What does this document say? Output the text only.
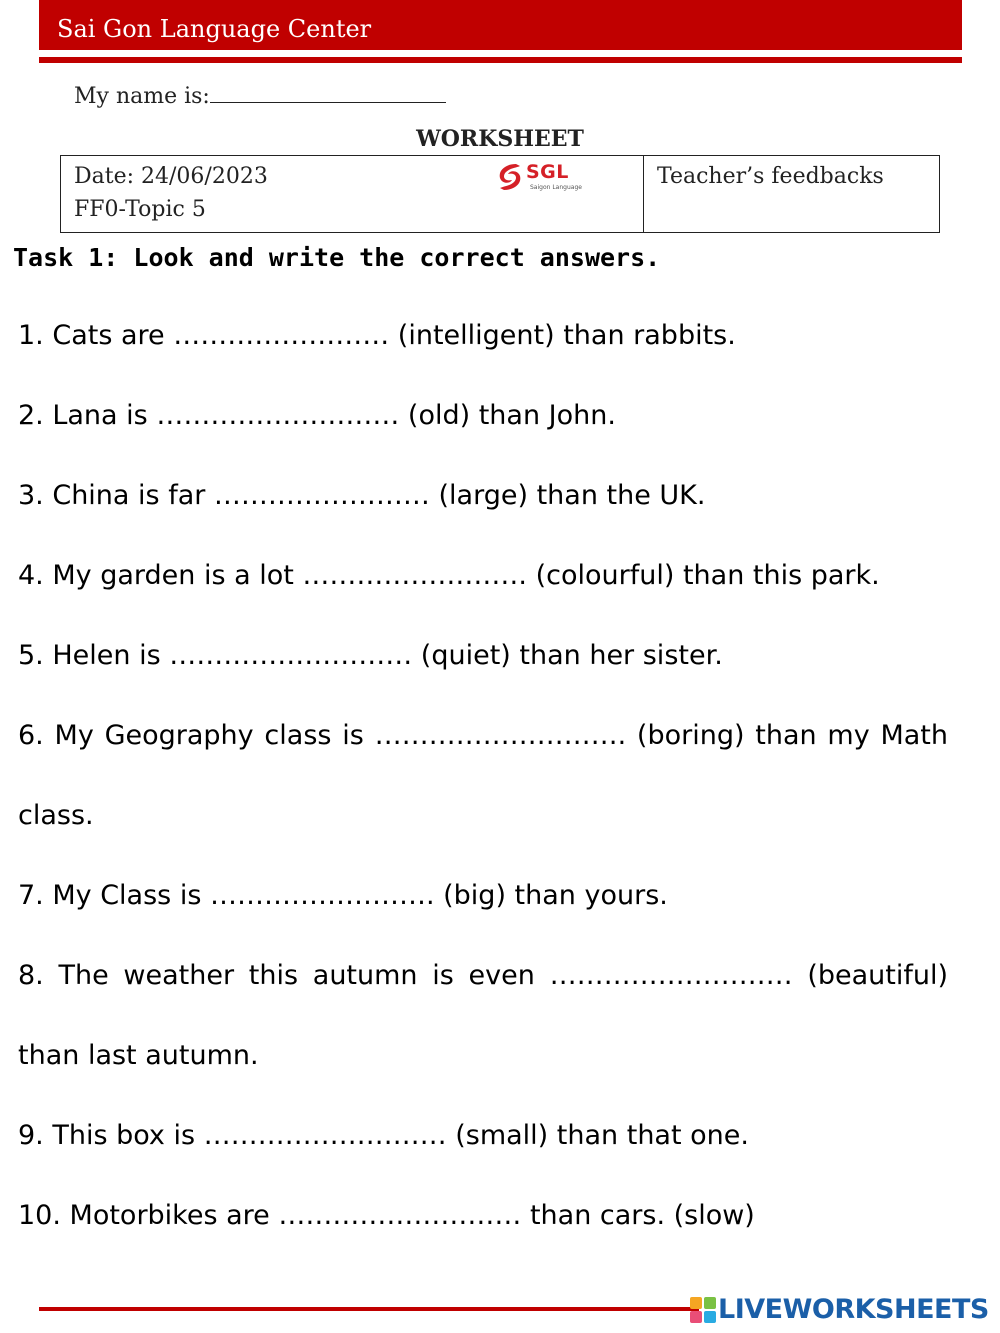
Sai Gon Language Center
My name is:
WORKSHEET
Date: 24/06/2023
FF0-Topic 5
SGL
Saigon Language	Teacher’s feedbacks
Task 1: Look and write the correct answers.
1. Cats are …………………… (intelligent) than rabbits.
2. Lana is ……………………… (old) than John.
3. China is far …………………… (large) than the UK.
4. My garden is a lot ……………………. (colourful) than this park.
5. Helen is ……………………… (quiet) than her sister.
6. My Geography class is ………………………. (boring) than my Math class.
7. My Class is ……………………. (big) than yours.
8. The weather this autumn is even ……………………… (beautiful) than last autumn.
9. This box is ……………………… (small) than that one.
10. Motorbikes are ……………………… than cars. (slow)
LIVEWORKSHEETS
